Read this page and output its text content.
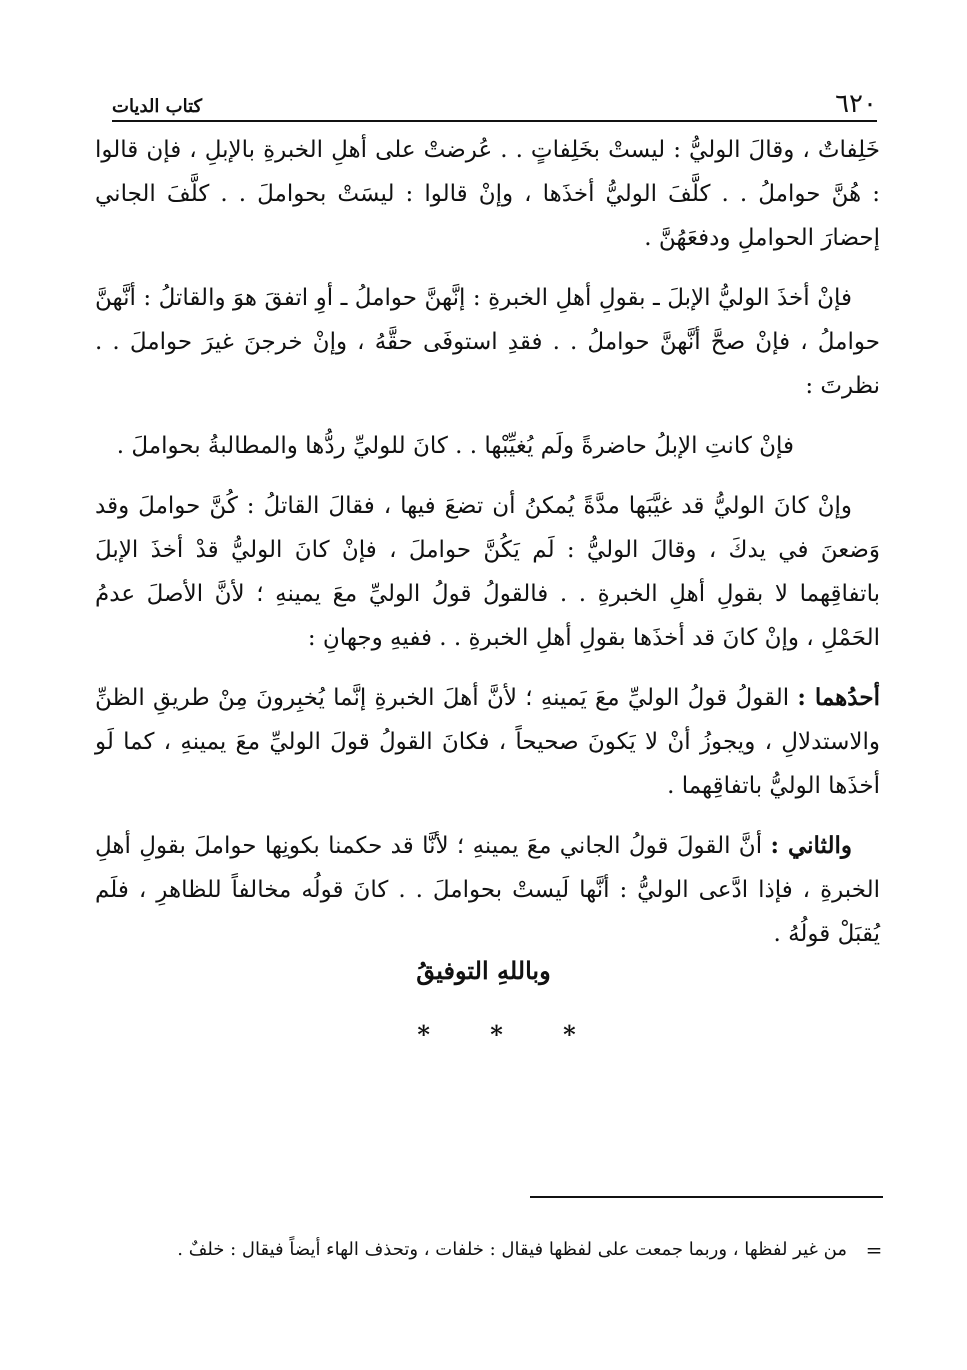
٦٢٠
كتاب الديات

خَلِفاتٌ ، وقالَ الوليُّ : ليستْ بخَلِفاتٍ . . عُرضتْ على أهلِ الخبرةِ بالإبلِ ، فإن قالوا : هُنَّ حواملُ . . كلَّفَ الوليُّ أخذَها ، وإنْ قالوا : ليسَتْ بحواملَ . . كلَّفَ الجاني إحضارَ الحواملِ ودفعَهُنَّ .

فإنْ أخذَ الوليُّ الإبلَ ـ بقولِ أهلِ الخبرةِ : إنَّهنَّ حواملُ ـ أوِ اتفقَ هوَ والقاتلُ : أنَّهنَّ حواملُ ، فإنْ صحَّ أنَّهنَّ حواملُ . . فقدِ استوفَى حقَّهُ ، وإنْ خرجنَ غيرَ حواملَ . . نظرتَ :

فإنْ كانتِ الإبلُ حاضرةً ولَم يُغيِّبْها . . كانَ للوليِّ ردُّها والمطالبةُ بحواملَ .

وإنْ كانَ الوليُّ قد غيَّبَها مدَّةً يُمكنُ أن تضعَ فيها ، فقالَ القاتلُ : كُنَّ حواملَ وقد وَضعنَ في يدكَ ، وقالَ الوليُّ : لَم يَكُنَّ حواملَ ، فإنْ كانَ الوليُّ قدْ أخذَ الإبلَ باتفاقِهما لا بقولِ أهلِ الخبرةِ . . فالقولُ قولُ الوليِّ معَ يمينهِ ؛ لأنَّ الأصلَ عدمُ الحَمْلِ ، وإنْ كانَ قد أخذَها بقولِ أهلِ الخبرةِ . . ففيهِ وجهانِ :

أحدُهما : القولُ قولُ الوليِّ معَ يَمينهِ ؛ لأنَّ أهلَ الخبرةِ إنَّما يُخبِرونَ مِنْ طريقِ الظنِّ والاستدلالِ ، ويجوزُ أنْ لا يَكونَ صحيحاً ، فكانَ القولُ قولَ الوليِّ معَ يمينهِ ، كما لَو أخذَها الوليُّ باتفاقِهما .

والثاني : أنَّ القولَ قولُ الجاني معَ يمينهِ ؛ لأنَّا قد حكمنا بكونِها حواملَ بقولِ أهلِ الخبرةِ ، فإذا ادَّعى الوليُّ : أنَّها لَيستْ بحواملَ . . كانَ قولُه مخالفاً للظاهرِ ، فلَم يُقبَلْ قولُهُ .

وباللهِ التوفيقُ
* * *
=
من غير لفظها ، وربما جمعت على لفظها فيقال : خلفات ، وتحذف الهاء أيضاً فيقال : خلفٌ .
